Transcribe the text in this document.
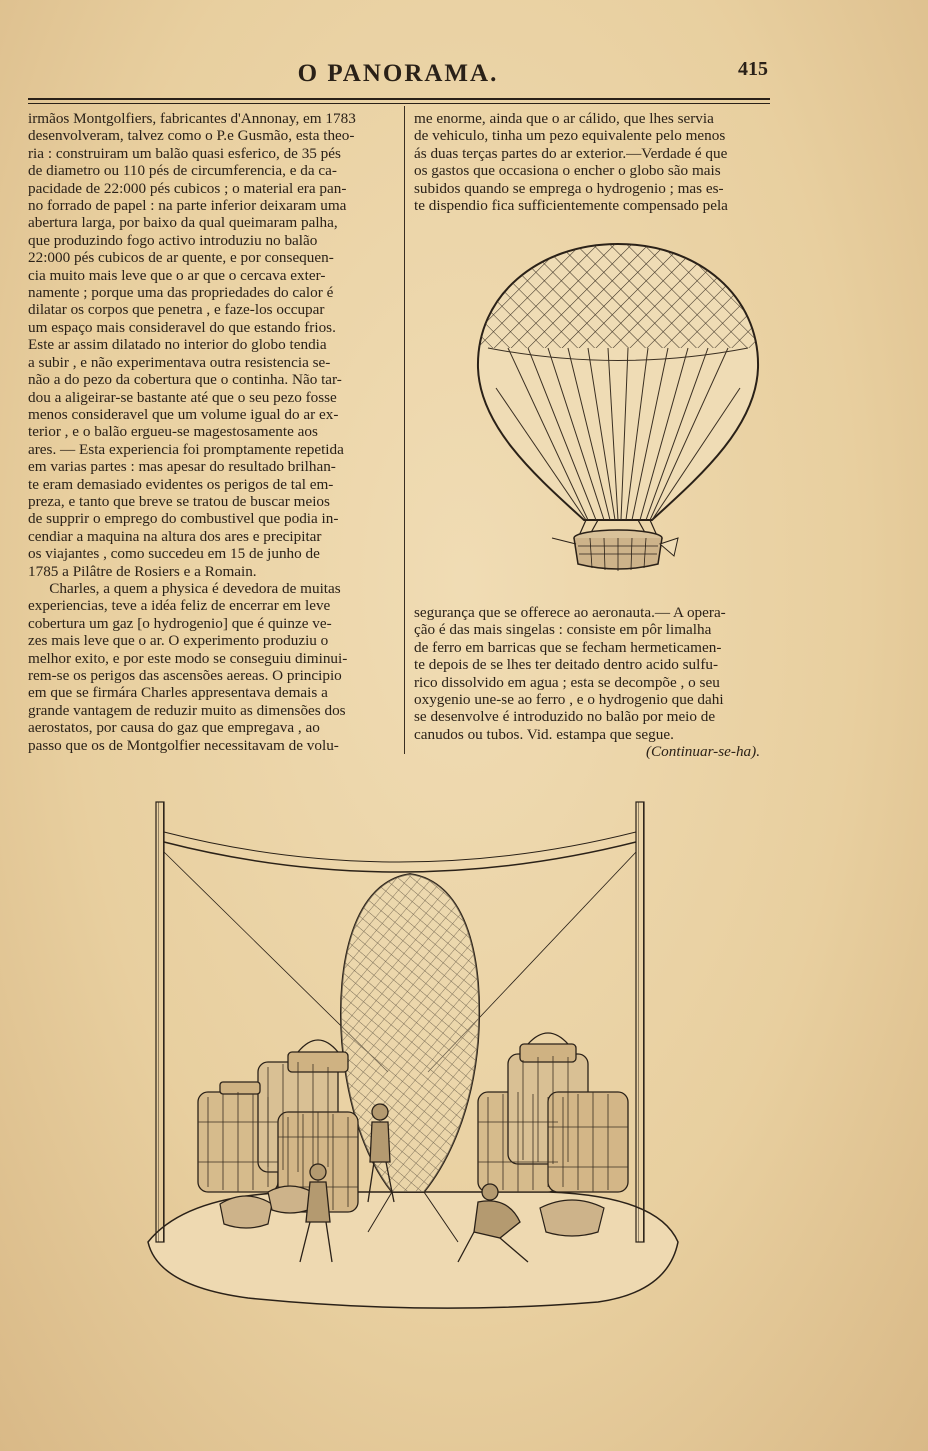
O PANORAMA.	415
irmãos Montgolfiers, fabricantes d'Annonay, em 1783
desenvolveram, talvez como o P.e Gusmão, esta theo-
ria : construiram um balão quasi esferico, de 35 pés
de diametro ou 110 pés de circumferencia, e da ca-
pacidade de 22:000 pés cubicos ; o material era pan-
no forrado de papel : na parte inferior deixaram uma
abertura larga, por baixo da qual queimaram palha,
que produzindo fogo activo introduziu no balão
22:000 pés cubicos de ar quente, e por consequen-
cia muito mais leve que o ar que o cercava exter-
namente ; porque uma das propriedades do calor é
dilatar os corpos que penetra , e faze-los occupar
um espaço mais consideravel do que estando frios.
Este ar assim dilatado no interior do globo tendia
a subir , e não experimentava outra resistencia se-
não a do pezo da cobertura que o continha. Não tar-
dou a aligeirar-se bastante até que o seu pezo fosse
menos consideravel que um volume igual do ar ex-
terior , e o balão ergueu-se magestosamente aos
ares. — Esta experiencia foi promptamente repetida
em varias partes : mas apesar do resultado brilhan-
te eram demasiado evidentes os perigos de tal em-
preza, e tanto que breve se tratou de buscar meios
de supprir o emprego do combustivel que podia in-
cendiar a maquina na altura dos ares e precipitar
os viajantes , como succedeu em 15 de junho de
1785 a Pilâtre de Rosiers e a Romain.
Charles, a quem a physica é devedora de muitas
experiencias, teve a idéa feliz de encerrar em leve
cobertura um gaz [o hydrogenio] que é quinze ve-
zes mais leve que o ar. O experimento produziu o
melhor exito, e por este modo se conseguiu diminui-
rem-se os perigos das ascensões aereas. O principio
em que se firmára Charles appresentava demais a
grande vantagem de reduzir muito as dimensões dos
aerostatos, por causa do gaz que empregava , ao
passo que os de Montgolfier necessitavam de volu-
me enorme, ainda que o ar cálido, que lhes servia
de vehiculo, tinha um pezo equivalente pelo menos
ás duas terças partes do ar exterior.—Verdade é que
os gastos que occasiona o encher o globo são mais
subidos quando se emprega o hydrogenio ; mas es-
te dispendio fica sufficientemente compensado pela
segurança que se offerece ao aeronauta.— A opera-
ção é das mais singelas : consiste em pôr limalha
de ferro em barricas que se fecham hermeticamen-
te depois de se lhes ter deitado dentro acido sulfu-
rico dissolvido em agua ; esta se decompõe , o seu
oxygenio une-se ao ferro , e o hydrogenio que dahi
se desenvolve é introduzido no balão por meio de
canudos ou tubos. Vid. estampa que segue.

(Continuar-se-ha).
